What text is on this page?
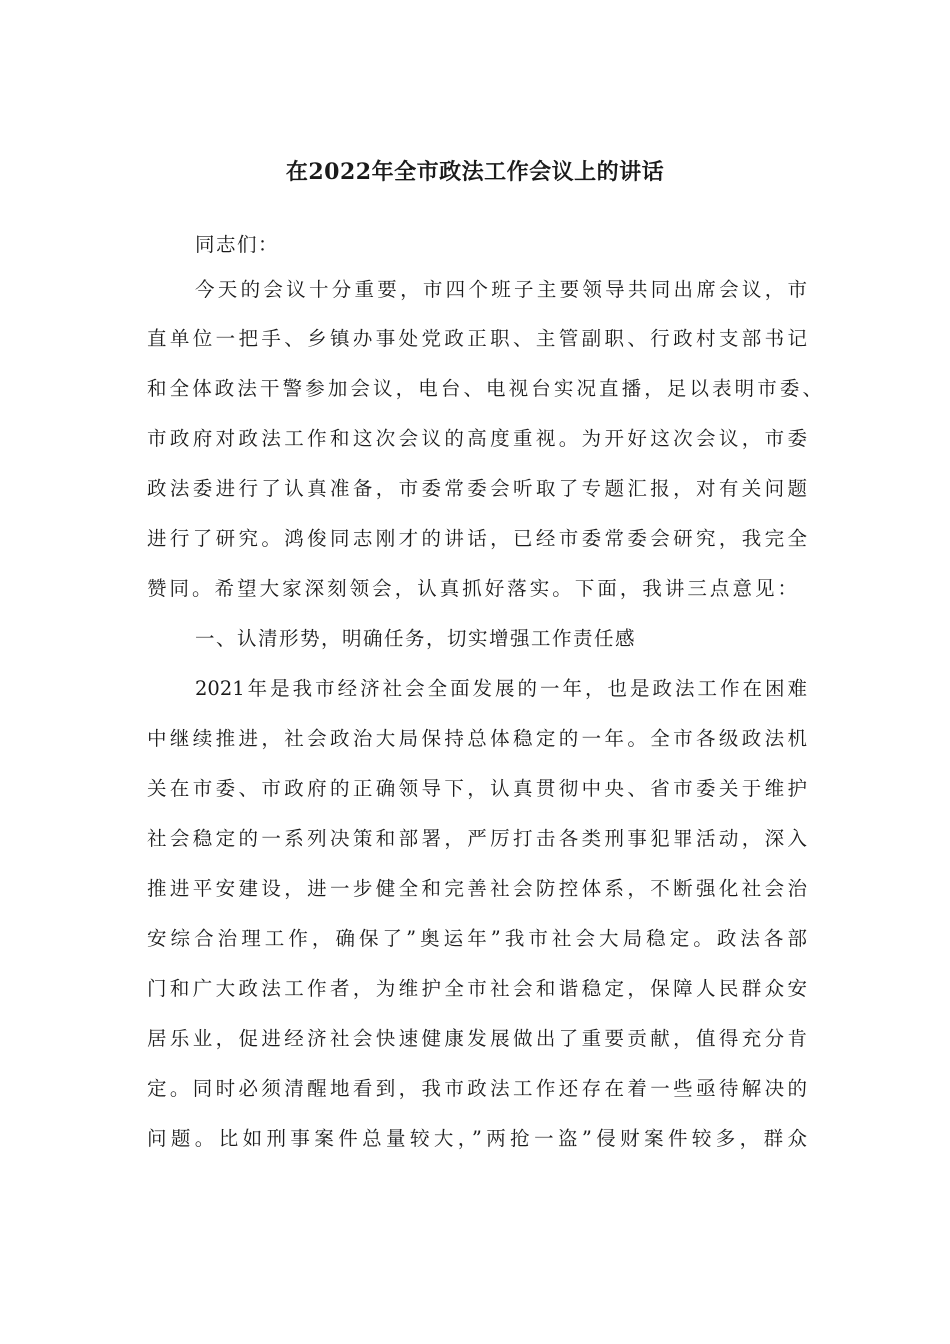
在2022年全市政法工作会议上的讲话
同志们：
今天的会议十分重要，市四个班子主要领导共同出席会议，市
直单位一把手、乡镇办事处党政正职、主管副职、行政村支部书记
和全体政法干警参加会议，电台、电视台实况直播，足以表明市委、
市政府对政法工作和这次会议的高度重视。为开好这次会议，市委
政法委进行了认真准备，市委常委会听取了专题汇报，对有关问题
进行了研究。鸿俊同志刚才的讲话，已经市委常委会研究，我完全
赞同。希望大家深刻领会，认真抓好落实。下面，我讲三点意见：
一、认清形势，明确任务，切实增强工作责任感
2021年是我市经济社会全面发展的一年，也是政法工作在困难
中继续推进，社会政治大局保持总体稳定的一年。全市各级政法机
关在市委、市政府的正确领导下，认真贯彻中央、省市委关于维护
社会稳定的一系列决策和部署，严厉打击各类刑事犯罪活动，深入
推进平安建设，进一步健全和完善社会防控体系，不断强化社会治
安综合治理工作，确保了”奥运年”我市社会大局稳定。政法各部
门和广大政法工作者，为维护全市社会和谐稳定，保障人民群众安
居乐业，促进经济社会快速健康发展做出了重要贡献，值得充分肯
定。同时必须清醒地看到，我市政法工作还存在着一些亟待解决的
问题。比如刑事案件总量较大，”两抢一盗”侵财案件较多，群众
